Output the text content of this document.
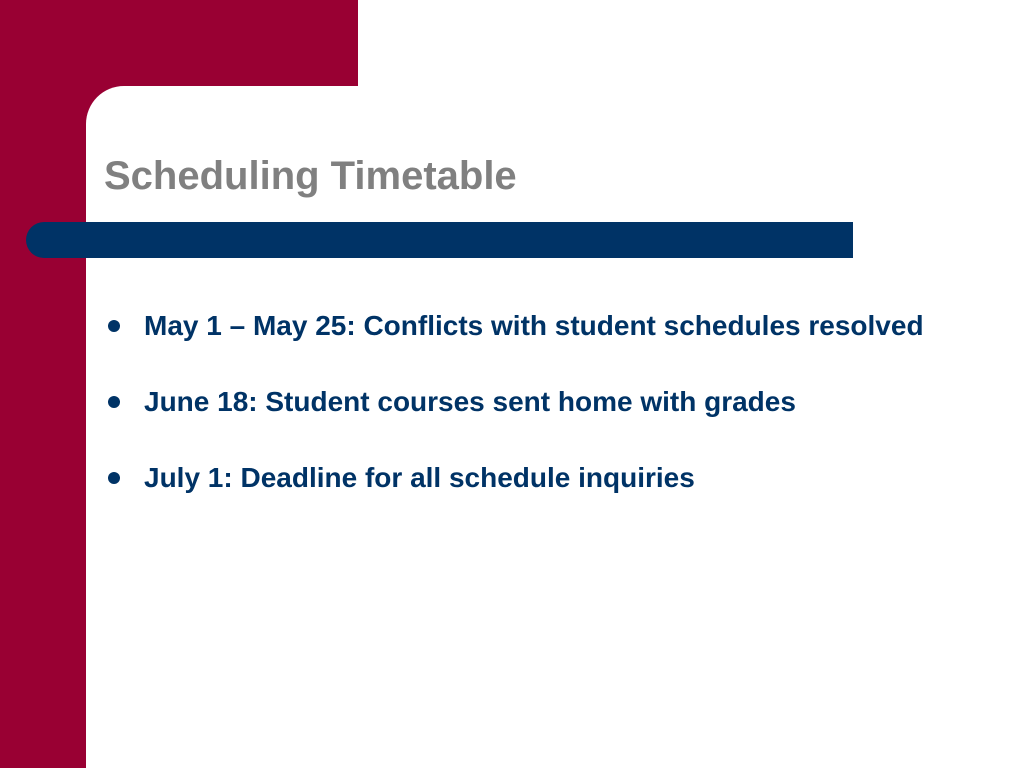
Scheduling Timetable
May 1 – May 25: Conflicts with student schedules resolved
June 18: Student courses sent home with grades
July 1: Deadline for all schedule inquiries
